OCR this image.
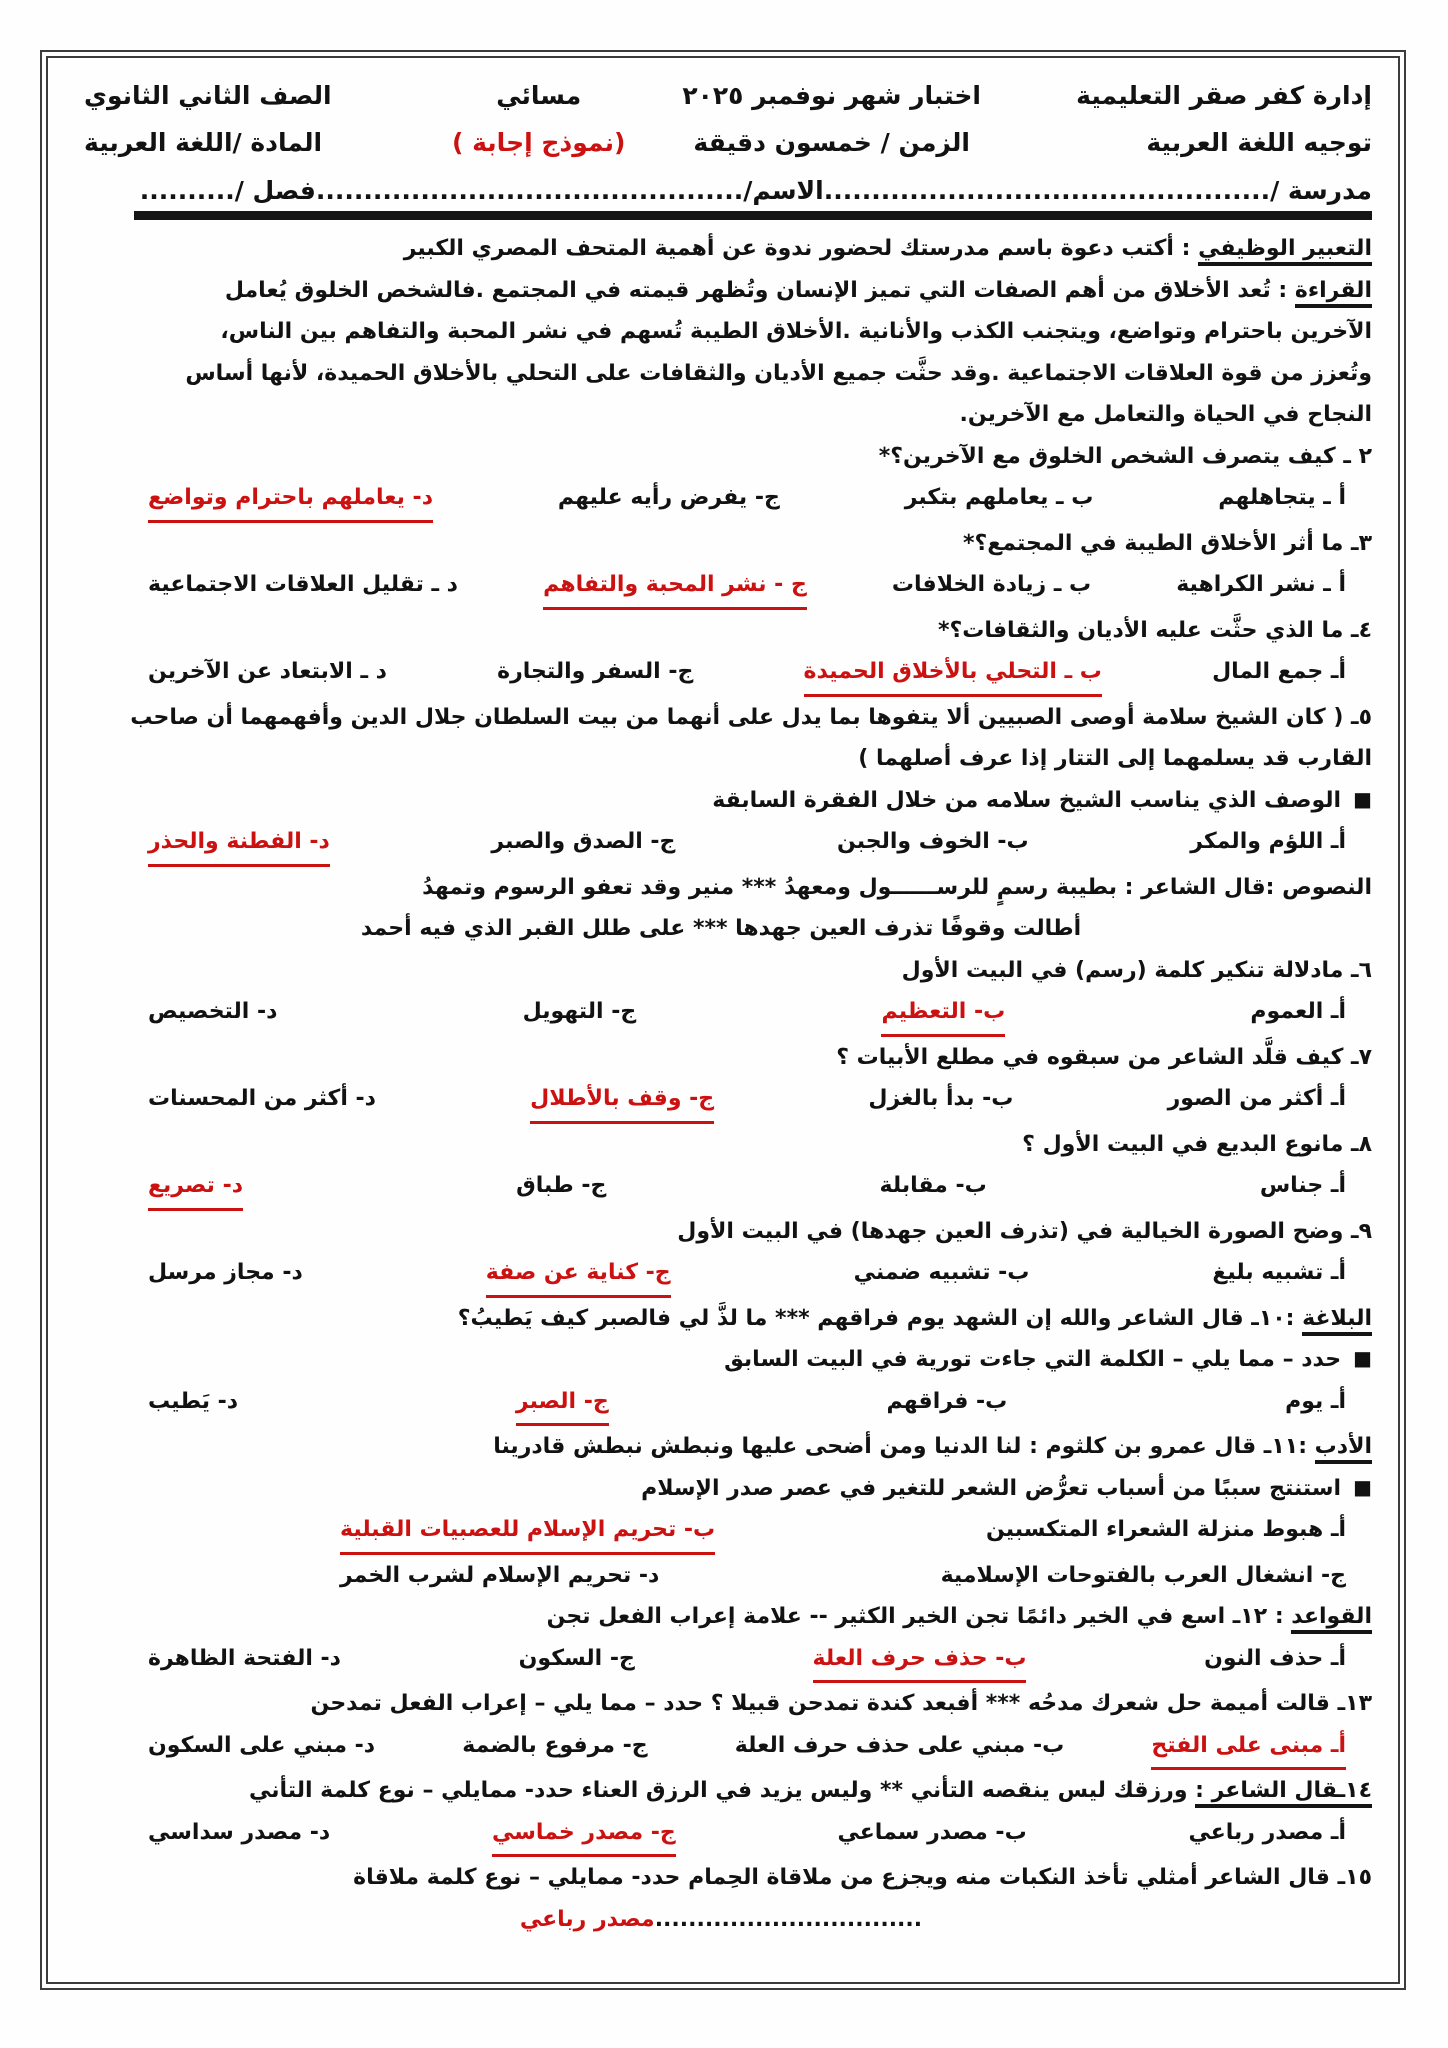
إدارة كفر صقر التعليمية
توجيه اللغة العربية
اختبار شهر نوفمبر ٢٠٢٥
الزمن / خمسون دقيقة
مسائي
(نموذج إجابة )
الصف الثاني الثانوي
المادة /اللغة العربية
مدرسة /...............................................الاسم/.............................................فصل /..........
التعبير الوظيفي : أكتب دعوة باسم مدرستك لحضور ندوة عن أهمية المتحف المصري الكبير
القراءة : تُعد الأخلاق من أهم الصفات التي تميز الإنسان وتُظهر قيمته في المجتمع .فالشخص الخلوق يُعامل
الآخرين باحترام وتواضع، ويتجنب الكذب والأنانية .الأخلاق الطيبة تُسهم في نشر المحبة والتفاهم بين الناس،
وتُعزز من قوة العلاقات الاجتماعية .وقد حثَّت جميع الأديان والثقافات على التحلي بالأخلاق الحميدة، لأنها أساس
النجاح في الحياة والتعامل مع الآخرين.
٢ ـ كيف يتصرف الشخص الخلوق مع الآخرين؟*
أ ـ يتجاهلهم
ب ـ يعاملهم بتكبر
ج- يفرض رأيه عليهم
د- يعاملهم باحترام وتواضع
٣ـ ما أثر الأخلاق الطيبة في المجتمع؟*
أ ـ نشر الكراهية
ب ـ زيادة الخلافات
ج - نشر المحبة والتفاهم
د ـ تقليل العلاقات الاجتماعية
٤ـ ما الذي حثَّت عليه الأديان والثقافات؟*
أـ جمع المال
ب ـ التحلي بالأخلاق الحميدة
ج- السفر والتجارة
د ـ الابتعاد عن الآخرين
٥ـ ( كان الشيخ سلامة أوصى الصبيين ألا يتفوها بما يدل على أنهما من بيت السلطان جلال الدين وأفهمهما أن صاحب
القارب قد يسلمهما إلى التتار إذا عرف أصلهما )
■الوصف الذي يناسب الشيخ سلامه من خلال الفقرة السابقة
أـ اللؤم والمكر
ب- الخوف والجبن
ج- الصدق والصبر
د- الفطنة والحذر
النصوص :قال الشاعر : بطيبة رسمٍ للرســــــول ومعهدُ *** منير وقد تعفو الرسوم وتمهدُ
أطالت وقوفًا تذرف العين جهدها *** على طلل القبر الذي فيه أحمد
٦ـ مادلالة تنكير كلمة (رسم) في البيت الأول
أـ العموم
ب- التعظيم
ج- التهويل
د- التخصيص
٧ـ كيف قلَّد الشاعر من سبقوه في مطلع الأبيات ؟
أـ أكثر من الصور
ب- بدأ بالغزل
ج- وقف بالأطلال
د- أكثر من المحسنات
٨ـ مانوع البديع في البيت الأول ؟
أـ جناس
ب- مقابلة
ج- طباق
د- تصريع
٩ـ وضح الصورة الخيالية في (تذرف العين جهدها) في البيت الأول
أـ تشبيه بليغ
ب- تشبيه ضمني
ج- كناية عن صفة
د- مجاز مرسل
البلاغة :١٠ـ قال الشاعر والله إن الشهد يوم فراقهم *** ما لذَّ لي فالصبر كيف يَطيبُ؟
■حدد – مما يلي – الكلمة التي جاءت تورية في البيت السابق
أـ يوم
ب- فراقهم
ج- الصبر
د- يَطيب
الأدب :١١ـ قال عمرو بن كلثوم : لنا الدنيا ومن أضحى عليها ونبطش نبطش قادرينا
■استنتج سببًا من أسباب تعرُّض الشعر للتغير في عصر صدر الإسلام
أـ هبوط منزلة الشعراء المتكسبين
ب- تحريم الإسلام للعصبيات القبلية
ج- انشغال العرب بالفتوحات الإسلامية
د- تحريم الإسلام لشرب الخمر
القواعد : ١٢ـ اسع في الخير دائمًا تجن الخير الكثير -- علامة إعراب الفعل تجن
أـ حذف النون
ب- حذف حرف العلة
ج- السكون
د- الفتحة الظاهرة
١٣ـ قالت أميمة حل شعرك مدحُه *** أفبعد كندة تمدحن قبيلا ؟ حدد – مما يلي – إعراب الفعل تمدحن
أـ مبنى على الفتح
ب- مبني على حذف حرف العلة
ج- مرفوع بالضمة
د- مبني على السكون
١٤ـقال الشاعر : ورزقك ليس ينقصه التأني ** وليس يزيد في الرزق العناء حدد- ممايلي – نوع كلمة التأني
أـ مصدر رباعي
ب- مصدر سماعي
ج- مصدر خماسي
د- مصدر سداسي
١٥ـ قال الشاعر أمثلي تأخذ النكبات منه ويجزع من ملاقاة الحِمام حدد- ممايلي – نوع كلمة ملاقاة
................................مصدر رباعي
